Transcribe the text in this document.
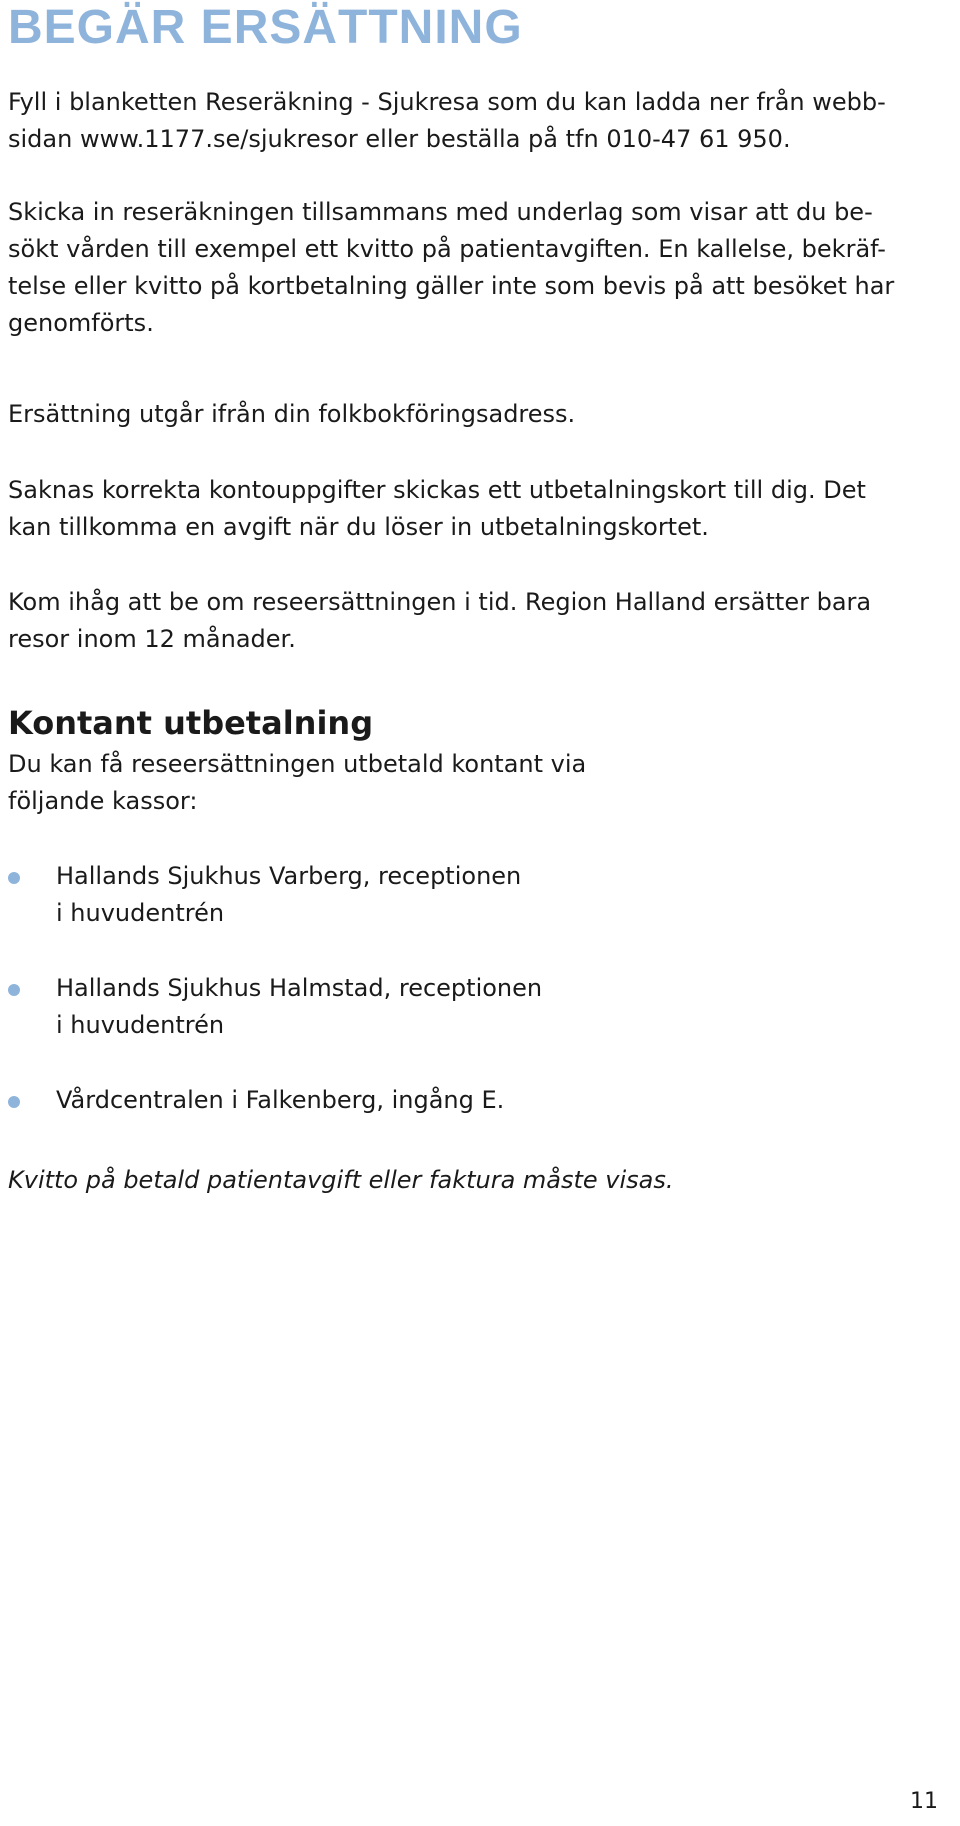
BEGÄR ERSÄTTNING

Fyll i blanketten Reseräkning - Sjukresa som du kan ladda ner från webb-
sidan www.1177.se/sjukresor eller beställa på tfn 010-47 61 950.

Skicka in reseräkningen tillsammans med underlag som visar att du be-
sökt vården till exempel ett kvitto på patientavgiften. En kallelse, bekräf-
telse eller kvitto på kortbetalning gäller inte som bevis på att besöket har
genomförts.

Ersättning utgår ifrån din folkbokföringsadress.

Saknas korrekta kontouppgifter skickas ett utbetalningskort till dig. Det
kan tillkomma en avgift när du löser in utbetalningskortet.

Kom ihåg att be om reseersättningen i tid. Region Halland ersätter bara
resor inom 12 månader.

Kontant utbetalning

Du kan få reseersättningen utbetald kontant via
följande kassor:

Hallands Sjukhus Varberg, receptionen
i huvudentrén
Hallands Sjukhus Halmstad, receptionen
i huvudentrén
Vårdcentralen i Falkenberg, ingång E.
Kvitto på betald patientavgift eller faktura måste visas.
11
